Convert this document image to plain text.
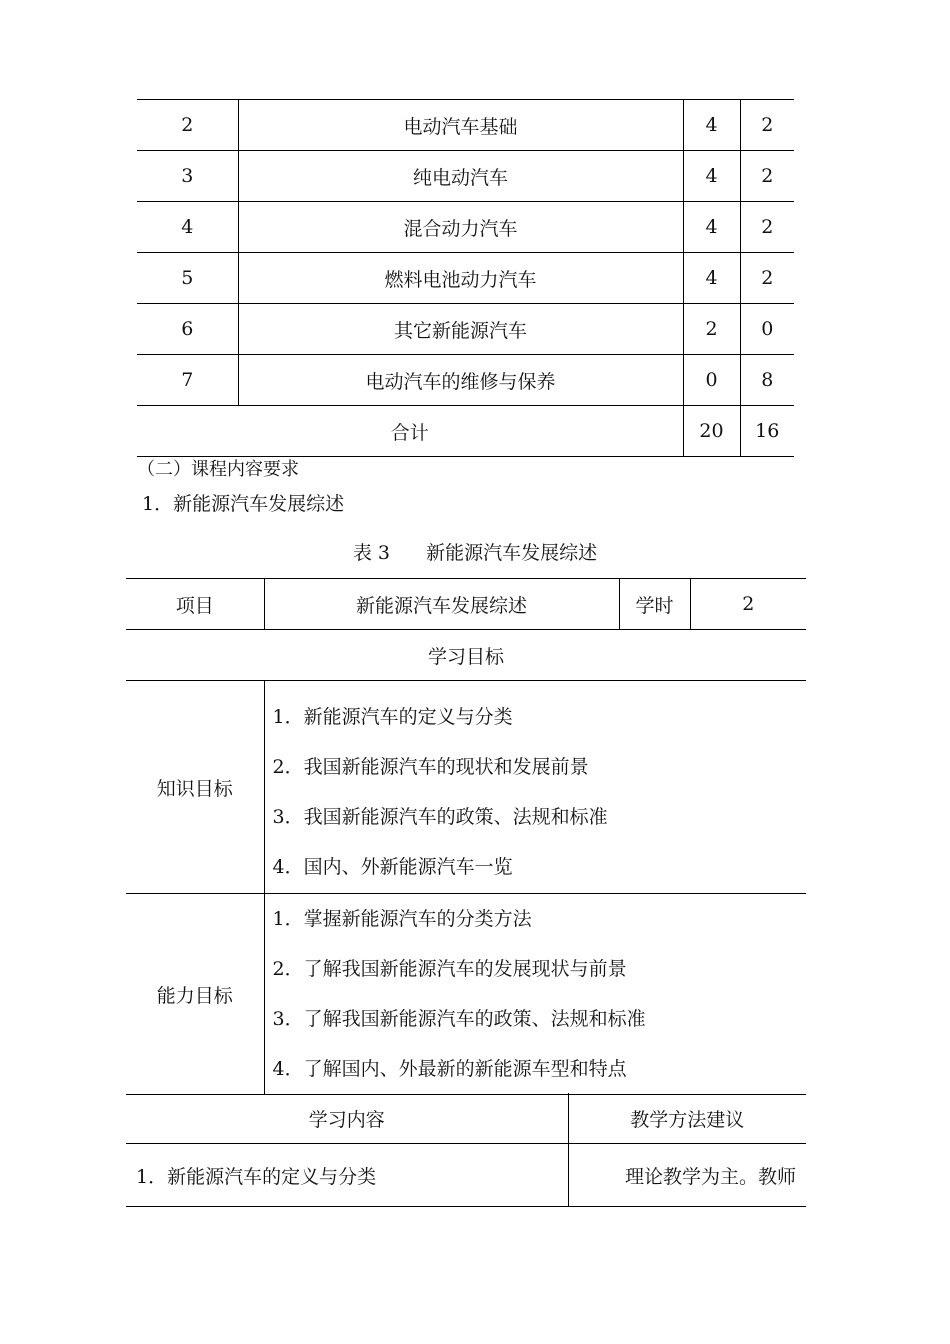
2	电动汽车基础	4	2
3	纯电动汽车	4	2
4	混合动力汽车	4	2
5	燃料电池动力汽车	4	2
6	其它新能源汽车	2	0
7	电动汽车的维修与保养	0	8
合计		20	16
（二）课程内容要求
1．新能源汽车发展综述
表 3      新能源汽车发展综述
项目	新能源汽车发展综述	学时	2
学习目标			
知识目标	1．新能源汽车的定义与分类
2．我国新能源汽车的现状和发展前景
3．我国新能源汽车的政策、法规和标准
4．国内、外新能源汽车一览		

能力目标	1．掌握新能源汽车的分类方法
2．了解我国新能源汽车的发展现状与前景
3．了解我国新能源汽车的政策、法规和标准
4．了解国内、外最新的新能源车型和特点		
学习内容	教学方法建议
1．新能源汽车的定义与分类	理论教学为主。教师
